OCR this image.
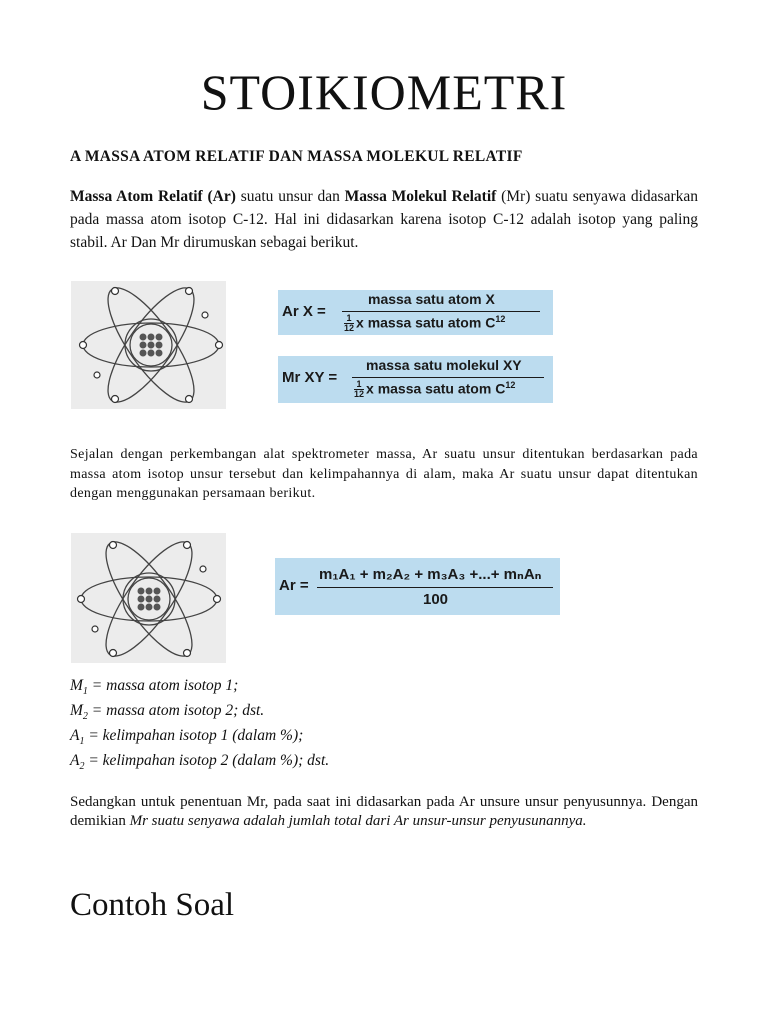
STOIKIOMETRI
A MASSA ATOM RELATIF DAN MASSA MOLEKUL RELATIF
Massa Atom Relatif (Ar) suatu unsur dan Massa Molekul Relatif (Mr) suatu senyawa didasarkan pada massa atom isotop C-12. Hal ini didasarkan karena isotop C-12 adalah isotop yang paling stabil. Ar Dan Mr dirumuskan sebagai berikut.
Ar X =
massa satu atom X
$\frac{1}{12}$ x massa satu atom $C^{12}$
Mr XY =
massa satu molekul XY
$\frac{1}{12}$ x massa satu atom $C^{12}$
Sejalan dengan perkembangan alat spektrometer massa, Ar suatu unsur ditentukan berdasarkan pada massa atom isotop unsur tersebut dan kelimpahannya di alam, maka Ar suatu unsur dapat ditentukan dengan menggunakan persamaan berikut.
Ar =
m₁A₁ + m₂A₂ + m₃A₃ +...+ mₙAₙ
100
$M_1$ = massa atom isotop 1;
$M_2$ = massa atom isotop 2; dst.
$A_1$ = kelimpahan isotop 1 (dalam %);
$A_2$ = kelimpahan isotop 2 (dalam %); dst.
Sedangkan untuk penentuan Mr, pada saat ini didasarkan pada Ar unsure unsur penyusunnya. Dengan demikian Mr suatu senyawa adalah jumlah total dari Ar unsur-unsur penyusunannya.
Contoh Soal
